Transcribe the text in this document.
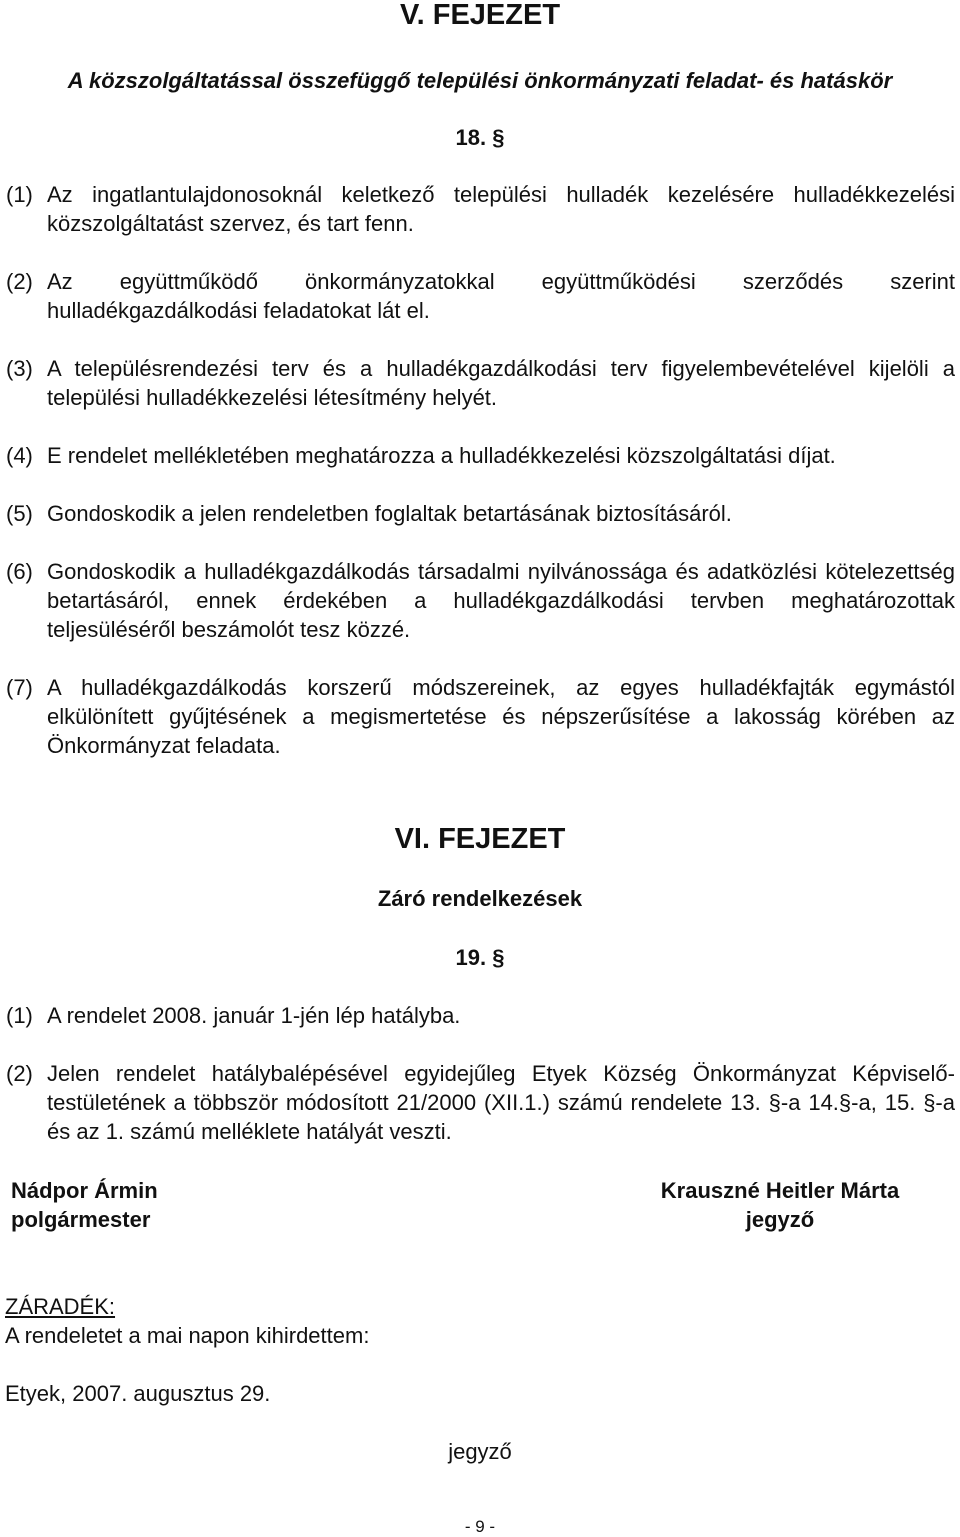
V. FEJEZET
A közszolgáltatással összefüggő települési önkormányzati feladat- és hatáskör
18. §
(1) Az ingatlantulajdonosoknál keletkező települési hulladék kezelésére hulladékkezelési közszolgáltatást szervez, és tart fenn.
(2) Az együttműködő önkormányzatokkal együttműködési szerződés szerint hulladékgazdálkodási feladatokat lát el.
(3) A településrendezési terv és a hulladékgazdálkodási terv figyelembevételével kijelöli a települési hulladékkezelési létesítmény helyét.
(4) E rendelet mellékletében meghatározza a hulladékkezelési közszolgáltatási díjat.
(5) Gondoskodik a jelen rendeletben foglaltak betartásának biztosításáról.
(6) Gondoskodik a hulladékgazdálkodás társadalmi nyilvánossága és adatközlési kötelezettség betartásáról, ennek érdekében a hulladékgazdálkodási tervben meghatározottak teljesüléséről beszámolót tesz közzé.
(7) A hulladékgazdálkodás korszerű módszereinek, az egyes hulladékfajták egymástól elkülönített gyűjtésének a megismertetése és népszerűsítése a lakosság körében az Önkormányzat feladata.
VI. FEJEZET
Záró rendelkezések
19. §
(1) A rendelet 2008. január 1-jén lép hatályba.
(2) Jelen rendelet hatálybalépésével egyidejűleg Etyek Község Önkormányzat Képviselő-testületének a többször módosított 21/2000 (XII.1.) számú rendelete 13. §-a 14.§-a, 15. §-a és az 1. számú melléklete hatályát veszti.
Nádpor Ármin
polgármester
Krauszné Heitler Márta
jegyző
ZÁRADÉK:
A rendeletet a mai napon kihirdettem:
Etyek, 2007. augusztus 29.
jegyző
- 9 -
